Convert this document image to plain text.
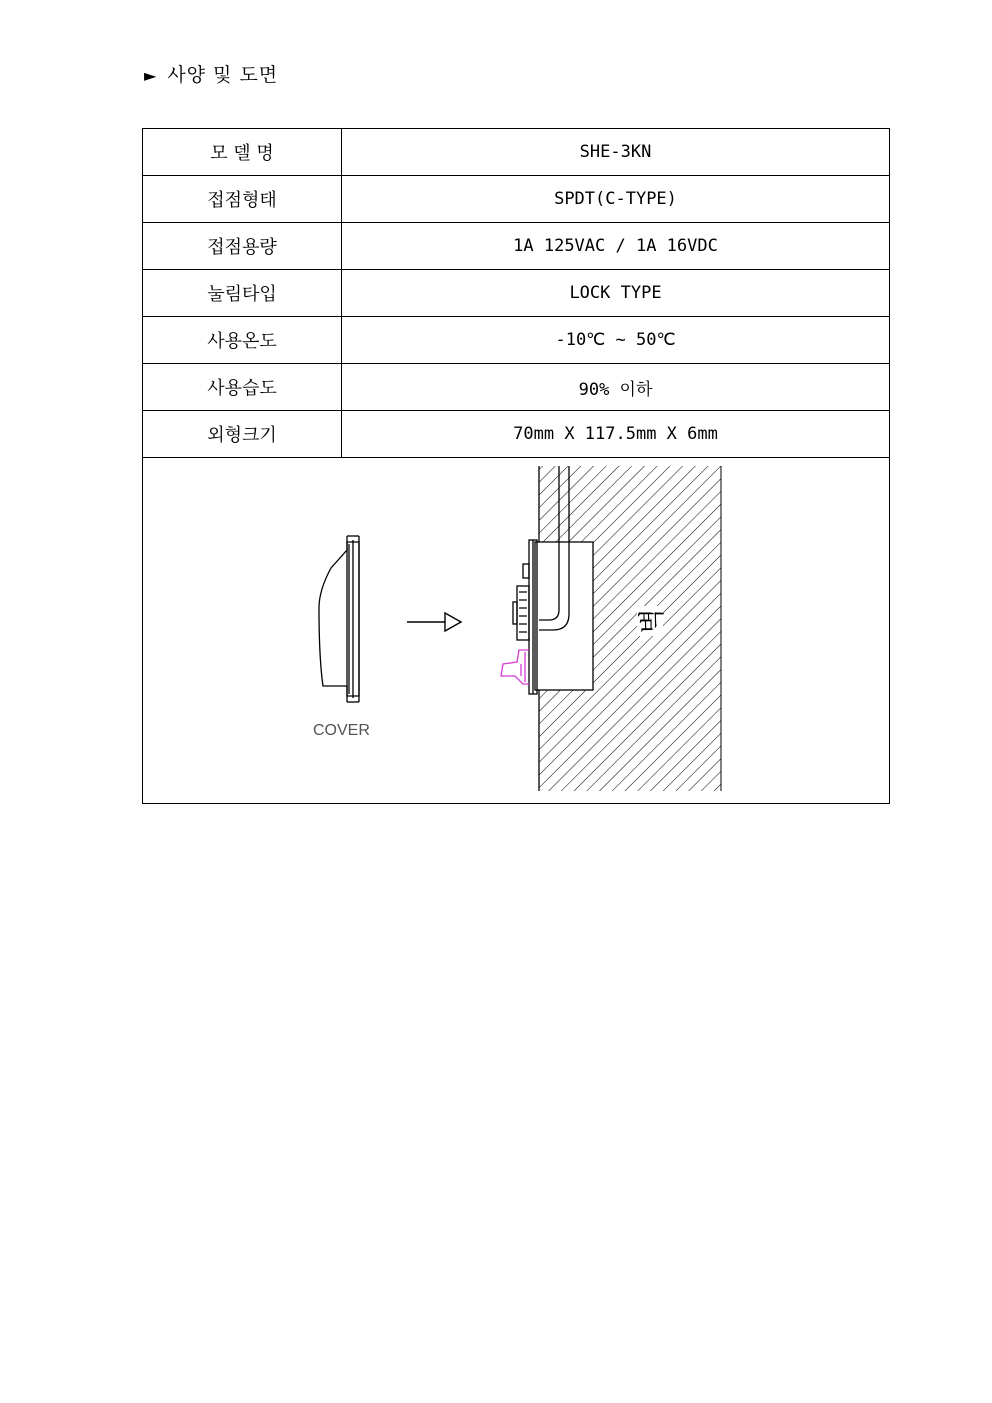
► 사양 및 도면
모 델 명	SHE-3KN
접점형태	SPDT(C-TYPE)
접점용량	1A 125VAC / 1A 16VDC
눌림타입	LOCK TYPE
사용온도	-10℃ ~ 50℃
사용습도	90% 이하
외형크기	70mm X 117.5mm X 6mm

COVER
벽	
